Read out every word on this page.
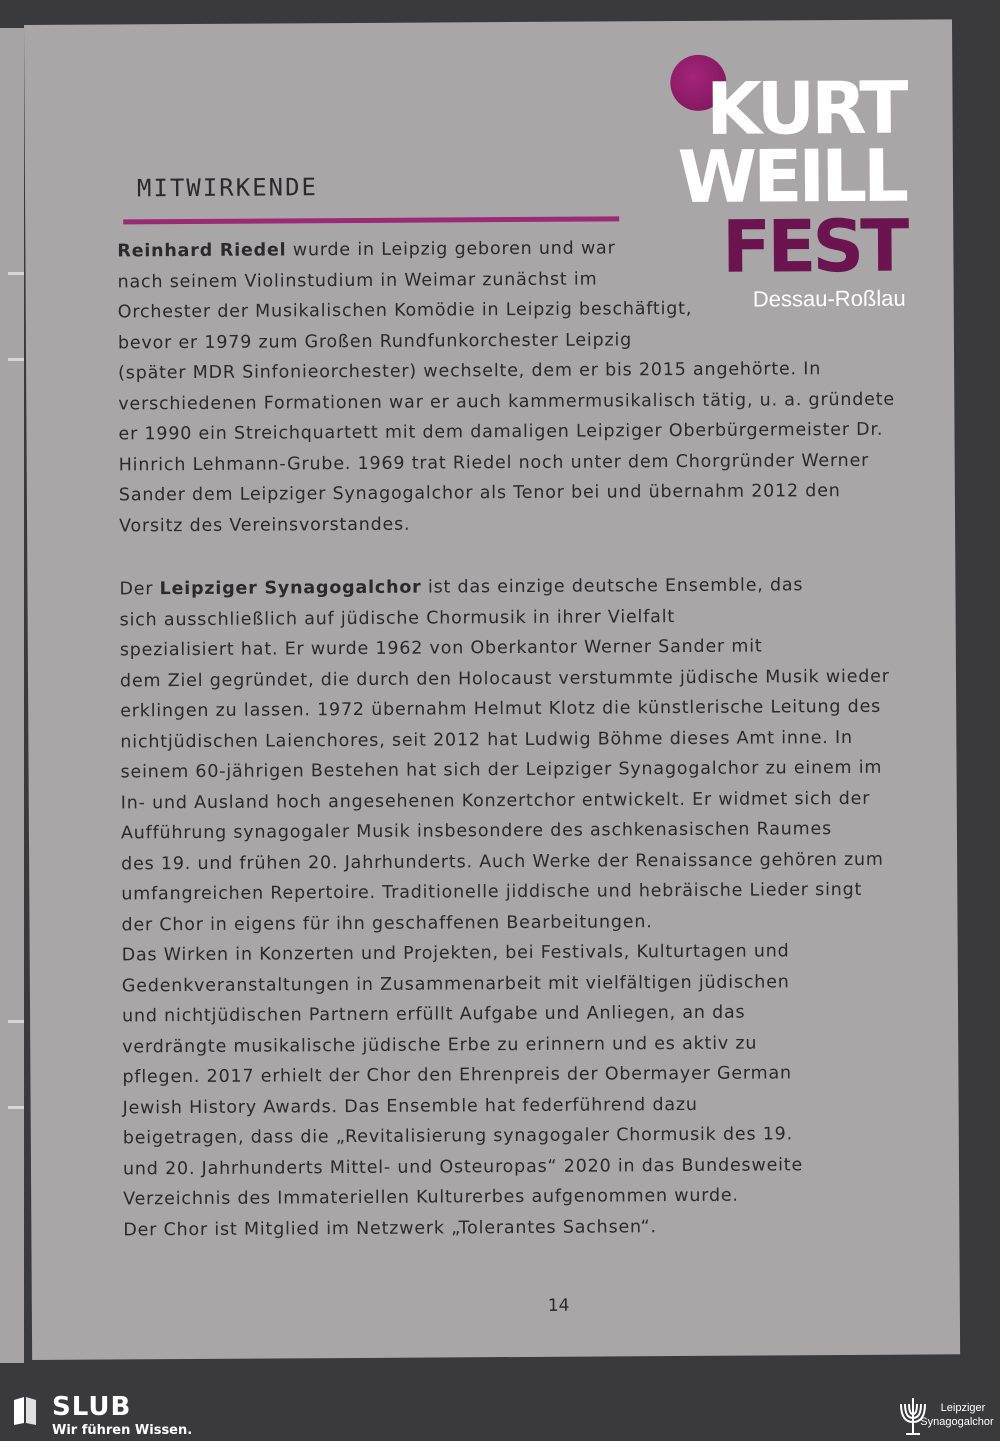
KURT
WEILL
FEST
Dessau-Roßlau
MITWIRKENDE
Reinhard Riedel wurde in Leipzig geboren und war
nach seinem Violinstudium in Weimar zunächst im
Orchester der Musikalischen Komödie in Leipzig beschäftigt,
bevor er 1979 zum Großen Rundfunkorchester Leipzig
(später MDR Sinfonieorchester) wechselte, dem er bis 2015 angehörte. In
verschiedenen Formationen war er auch kammermusikalisch tätig, u. a. gründete
er 1990 ein Streichquartett mit dem damaligen Leipziger Oberbürgermeister Dr.
Hinrich Lehmann-Grube. 1969 trat Riedel noch unter dem Chorgründer Werner
Sander dem Leipziger Synagogalchor als Tenor bei und übernahm 2012 den
Vorsitz des Vereinsvorstandes.
Der Leipziger Synagogalchor ist das einzige deutsche Ensemble, das
sich ausschließlich auf jüdische Chormusik in ihrer Vielfalt
spezialisiert hat. Er wurde 1962 von Oberkantor Werner Sander mit
dem Ziel gegründet, die durch den Holocaust verstummte jüdische Musik wieder
erklingen zu lassen. 1972 übernahm Helmut Klotz die künstlerische Leitung des
nichtjüdischen Laienchores, seit 2012 hat Ludwig Böhme dieses Amt inne. In
seinem 60-jährigen Bestehen hat sich der Leipziger Synagogalchor zu einem im
In- und Ausland hoch angesehenen Konzertchor entwickelt. Er widmet sich der
Aufführung synagogaler Musik insbesondere des aschkenasischen Raumes
des 19. und frühen 20. Jahrhunderts. Auch Werke der Renaissance gehören zum
umfangreichen Repertoire. Traditionelle jiddische und hebräische Lieder singt
der Chor in eigens für ihn geschaffenen Bearbeitungen.
Das Wirken in Konzerten und Projekten, bei Festivals, Kulturtagen und
Gedenkveranstaltungen in Zusammenarbeit mit vielfältigen jüdischen
und nichtjüdischen Partnern erfüllt Aufgabe und Anliegen, an das
verdrängte musikalische jüdische Erbe zu erinnern und es aktiv zu
pflegen. 2017 erhielt der Chor den Ehrenpreis der Obermayer German
Jewish History Awards. Das Ensemble hat federführend dazu
beigetragen, dass die „Revitalisierung synagogaler Chormusik des 19.
und 20. Jahrhunderts Mittel- und Osteuropas“ 2020 in das Bundesweite
Verzeichnis des Immateriellen Kulturerbes aufgenommen wurde.
Der Chor ist Mitglied im Netzwerk „Tolerantes Sachsen“.
14
SLUB
Wir führen Wissen.
Leipziger
Synagogalchor
